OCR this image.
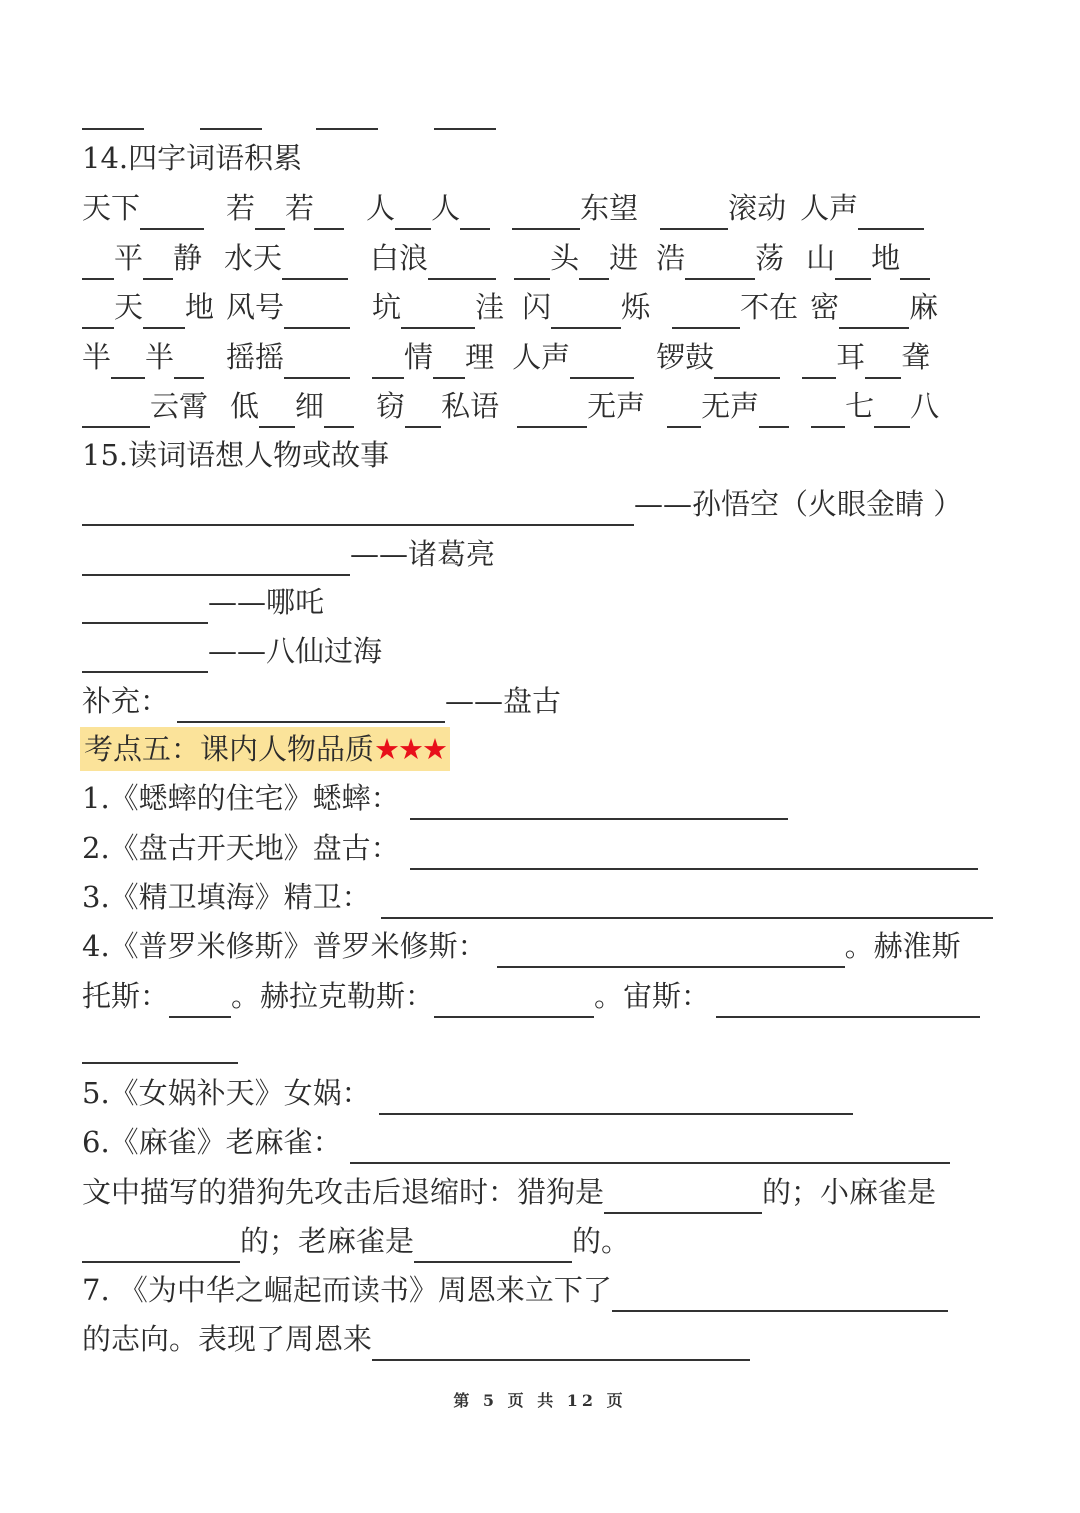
14.四字词语积累
天下	若 若 人 人	东望	滚动 人声
平 静 水天	白浪	头 进 浩 荡 山 地
天 地 风号	坑	洼 闪 烁	不在 密 麻
半 半 摇摇	情 理 人声	锣鼓	耳 聋
云霄 低 细 窃 私语	无声 无声	七 八
15.读词语想人物或故事
——孙悟空（火眼金睛 ）
——诸葛亮
——哪吒
——八仙过海
补充：	——盘古
考点五：课内人物品质★★★
1.《蟋蟀的住宅》蟋蟀：
2.《盘古开天地》盘古：
3.《精卫填海》精卫：
4.《普罗米修斯》普罗米修斯：	。赫淮斯
托斯： 。赫拉克勒斯：	。宙斯：
5.《女娲补天》女娲：
6.《麻雀》老麻雀：
文中描写的猎狗先攻击后退缩时：猎狗是	的；小麻雀是
的；老麻雀是	的。
7. 《为中华之崛起而读书》周恩来立下了
的志向。表现了周恩来
第 5 页 共 12 页
